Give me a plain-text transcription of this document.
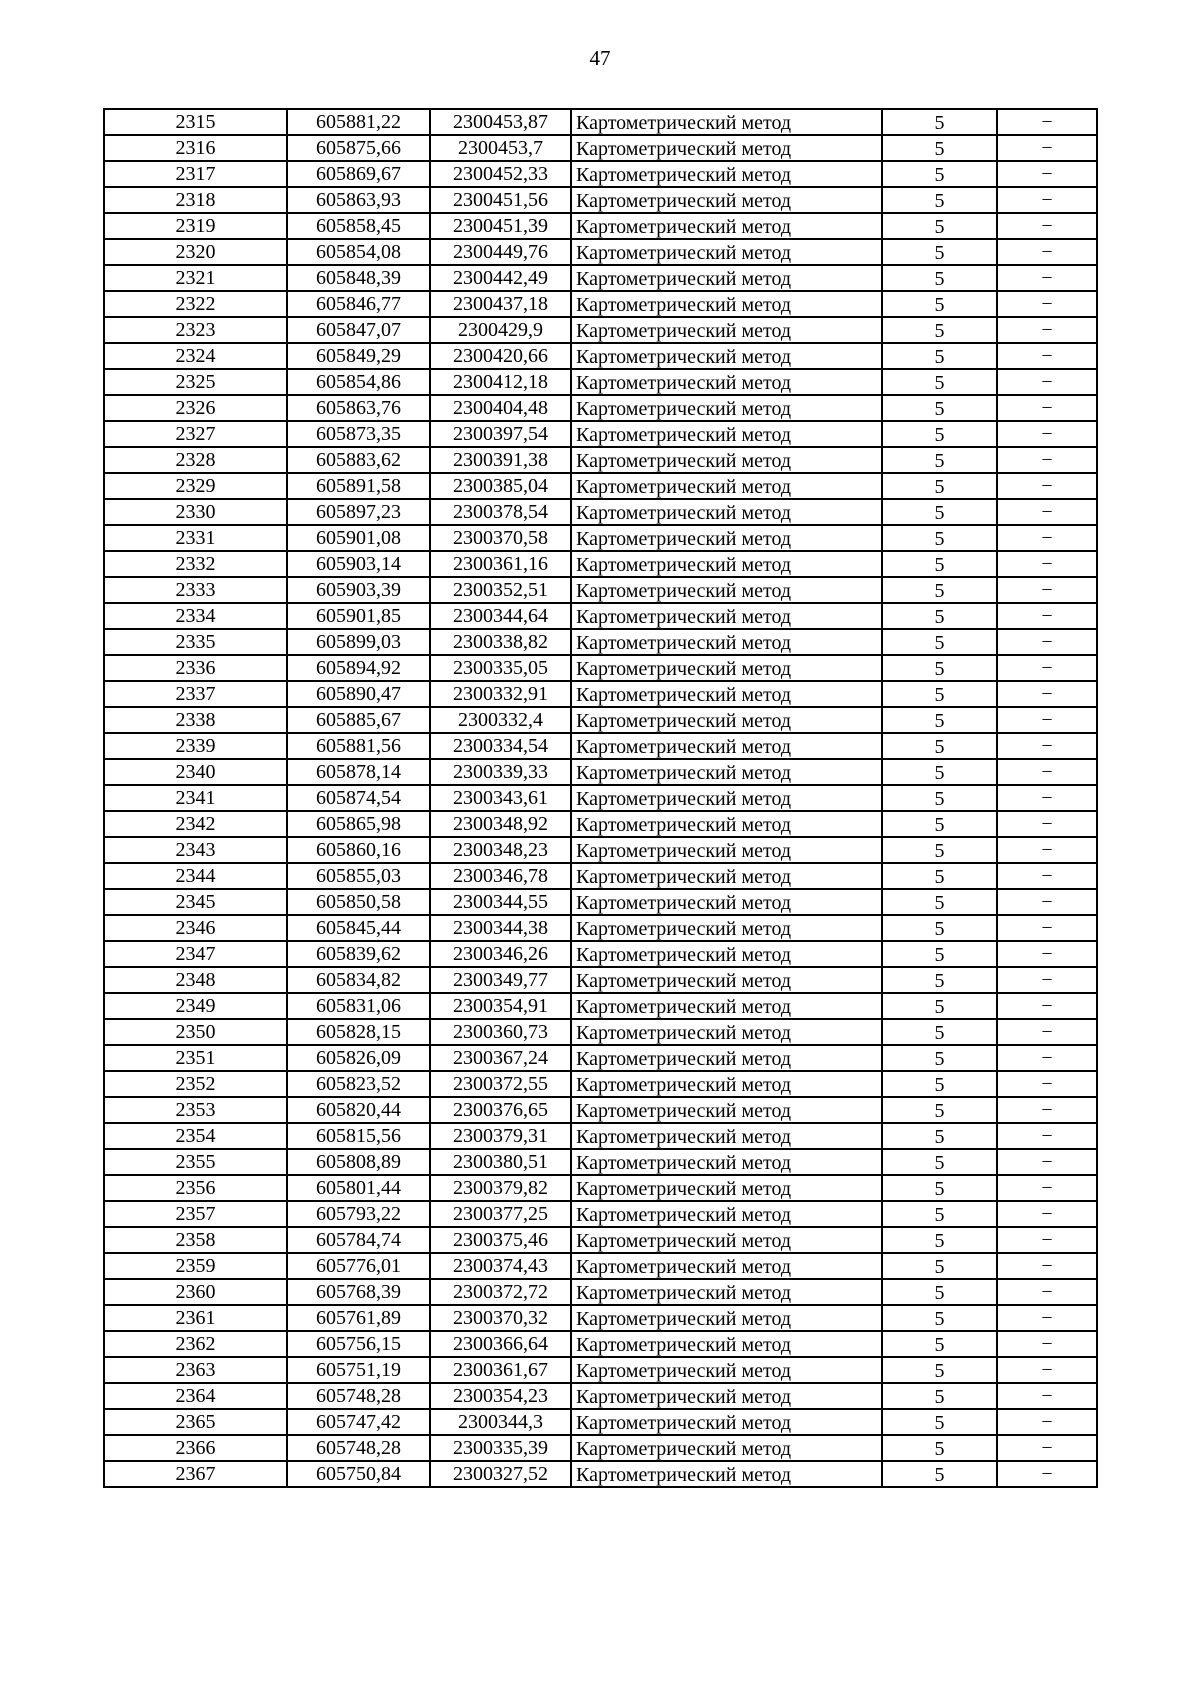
47
2315	605881,22	2300453,87	Картометрический метод	5	−
2316	605875,66	2300453,7	Картометрический метод	5	−
2317	605869,67	2300452,33	Картометрический метод	5	−
2318	605863,93	2300451,56	Картометрический метод	5	−
2319	605858,45	2300451,39	Картометрический метод	5	−
2320	605854,08	2300449,76	Картометрический метод	5	−
2321	605848,39	2300442,49	Картометрический метод	5	−
2322	605846,77	2300437,18	Картометрический метод	5	−
2323	605847,07	2300429,9	Картометрический метод	5	−
2324	605849,29	2300420,66	Картометрический метод	5	−
2325	605854,86	2300412,18	Картометрический метод	5	−
2326	605863,76	2300404,48	Картометрический метод	5	−
2327	605873,35	2300397,54	Картометрический метод	5	−
2328	605883,62	2300391,38	Картометрический метод	5	−
2329	605891,58	2300385,04	Картометрический метод	5	−
2330	605897,23	2300378,54	Картометрический метод	5	−
2331	605901,08	2300370,58	Картометрический метод	5	−
2332	605903,14	2300361,16	Картометрический метод	5	−
2333	605903,39	2300352,51	Картометрический метод	5	−
2334	605901,85	2300344,64	Картометрический метод	5	−
2335	605899,03	2300338,82	Картометрический метод	5	−
2336	605894,92	2300335,05	Картометрический метод	5	−
2337	605890,47	2300332,91	Картометрический метод	5	−
2338	605885,67	2300332,4	Картометрический метод	5	−
2339	605881,56	2300334,54	Картометрический метод	5	−
2340	605878,14	2300339,33	Картометрический метод	5	−
2341	605874,54	2300343,61	Картометрический метод	5	−
2342	605865,98	2300348,92	Картометрический метод	5	−
2343	605860,16	2300348,23	Картометрический метод	5	−
2344	605855,03	2300346,78	Картометрический метод	5	−
2345	605850,58	2300344,55	Картометрический метод	5	−
2346	605845,44	2300344,38	Картометрический метод	5	−
2347	605839,62	2300346,26	Картометрический метод	5	−
2348	605834,82	2300349,77	Картометрический метод	5	−
2349	605831,06	2300354,91	Картометрический метод	5	−
2350	605828,15	2300360,73	Картометрический метод	5	−
2351	605826,09	2300367,24	Картометрический метод	5	−
2352	605823,52	2300372,55	Картометрический метод	5	−
2353	605820,44	2300376,65	Картометрический метод	5	−
2354	605815,56	2300379,31	Картометрический метод	5	−
2355	605808,89	2300380,51	Картометрический метод	5	−
2356	605801,44	2300379,82	Картометрический метод	5	−
2357	605793,22	2300377,25	Картометрический метод	5	−
2358	605784,74	2300375,46	Картометрический метод	5	−
2359	605776,01	2300374,43	Картометрический метод	5	−
2360	605768,39	2300372,72	Картометрический метод	5	−
2361	605761,89	2300370,32	Картометрический метод	5	−
2362	605756,15	2300366,64	Картометрический метод	5	−
2363	605751,19	2300361,67	Картометрический метод	5	−
2364	605748,28	2300354,23	Картометрический метод	5	−
2365	605747,42	2300344,3	Картометрический метод	5	−
2366	605748,28	2300335,39	Картометрический метод	5	−
2367	605750,84	2300327,52	Картометрический метод	5	−
